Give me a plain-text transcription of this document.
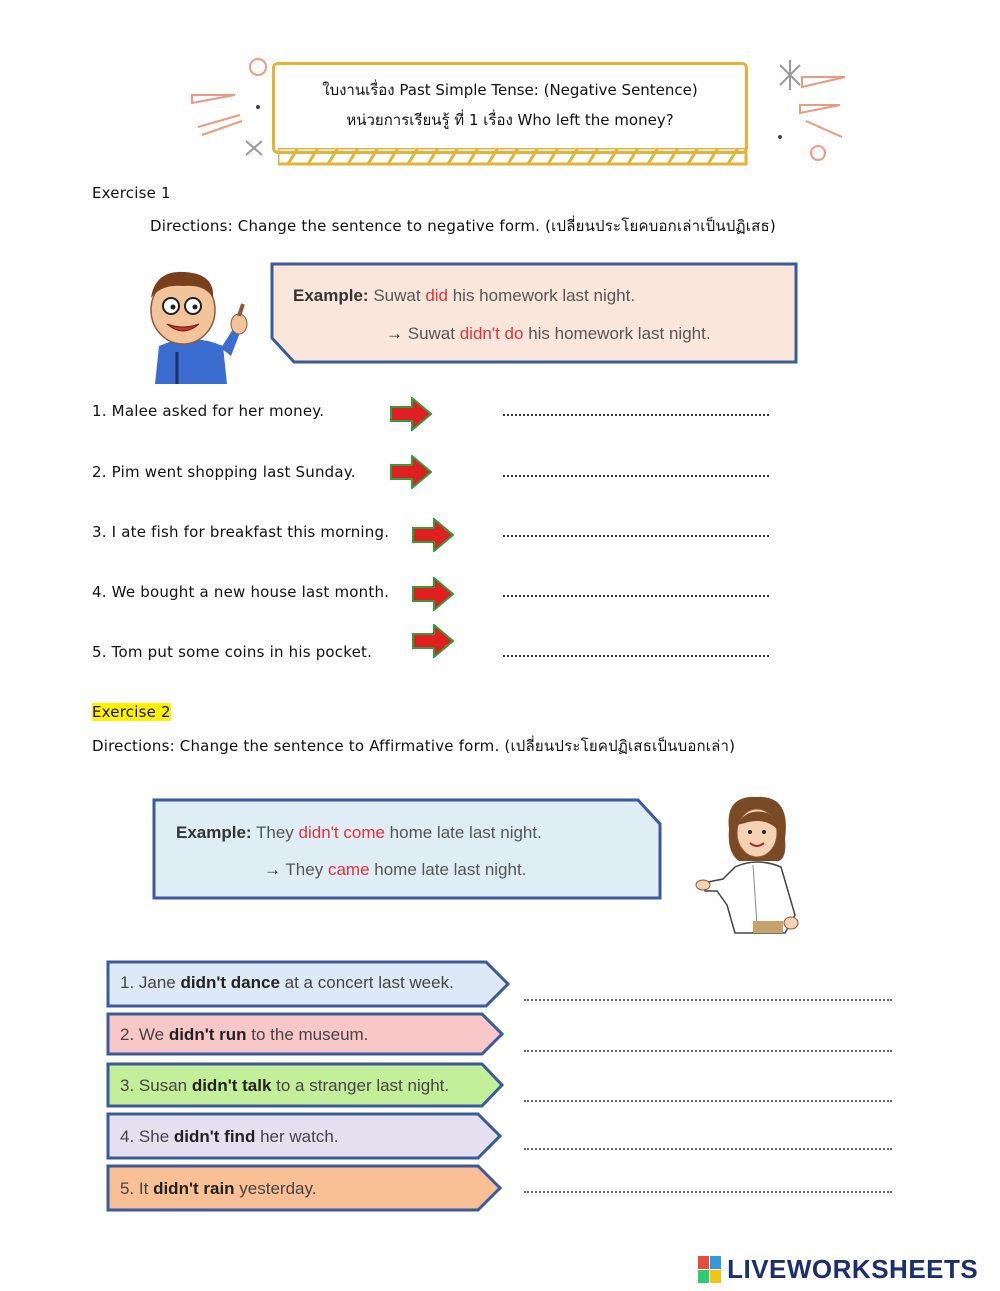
ใบงานเรื่อง Past Simple Tense: (Negative Sentence)
หน่วยการเรียนรู้ ที่ 1 เรื่อง Who left the money?
Exercise 1
Directions: Change the sentence to negative form. (เปลี่ยนประโยคบอกเล่าเป็นปฏิเสธ)
Example: Suwat did his homework last night.
→ Suwat didn't do his homework last night.
1. Malee asked for her money.
2. Pim went shopping last Sunday.
3. I ate fish for breakfast this morning.
4. We bought a new house last month.
5. Tom put some coins in his pocket.
Exercise 2
Directions: Change the sentence to Affirmative form. (เปลี่ยนประโยคปฏิเสธเป็นบอกเล่า)
Example: They didn't come home late last night.
→ They came home late last night.
1. Jane didn't dance at a concert last week.
2. We didn't run to the museum.
3. Susan didn't talk to a stranger last night.
4. She didn't find her watch.
5. It didn't rain yesterday.
LIVEWORKSHEETS
